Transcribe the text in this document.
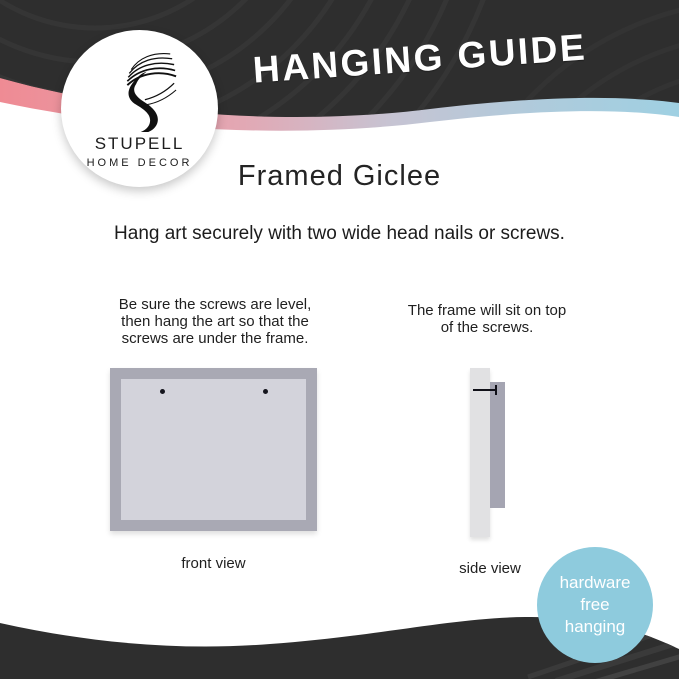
HANGING GUIDE
STUPELL
HOME DECOR	Framed Giclee
Hang art securely with two wide head nails or screws.
Be sure the screws are level,
then hang the art so that the
screws are under the frame.
front view
The frame will sit on top
of the screws.
side view
hardware
free
hanging
